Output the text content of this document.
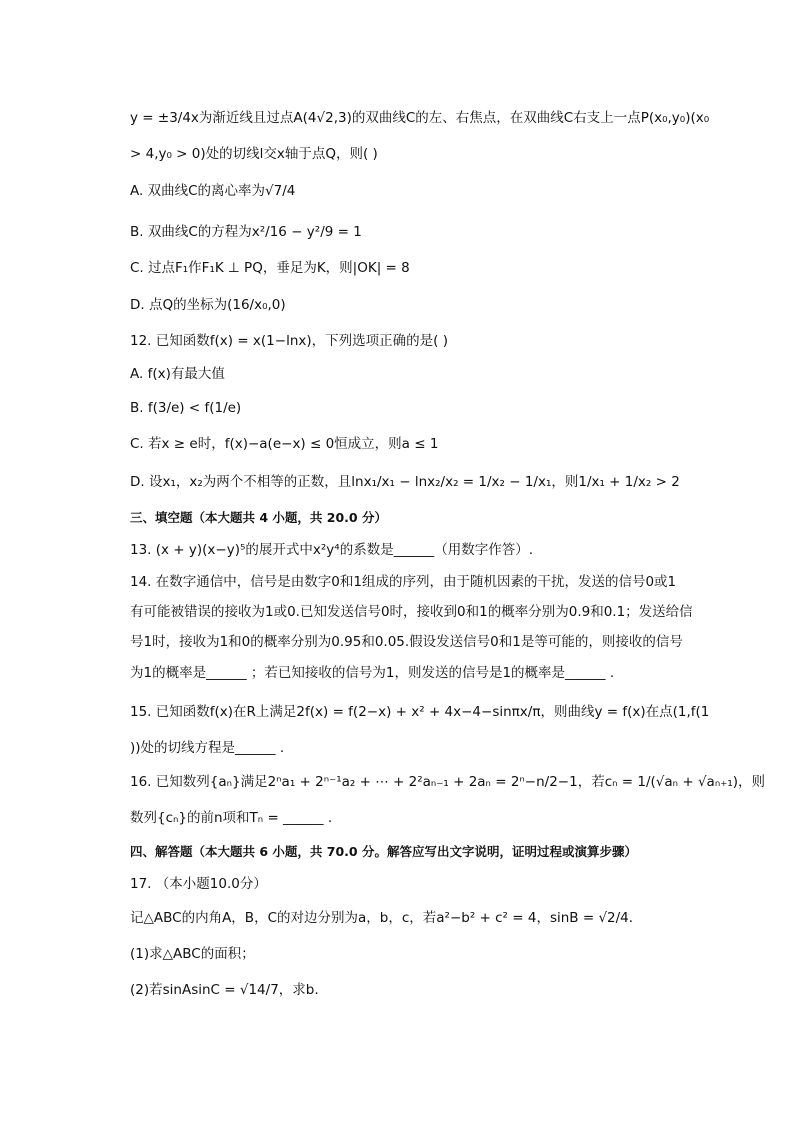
y = ±3/4x为渐近线且过点A(4√2,3)的双曲线C的左、右焦点，在双曲线C右支上一点P(x₀,y₀)(x₀
> 4,y₀ > 0)处的切线l交x轴于点Q，则( )
A. 双曲线C的离心率为√7/4
B. 双曲线C的方程为x²/16 − y²/9 = 1
C. 过点F₁作F₁K ⊥ PQ，垂足为K，则|OK| = 8
D. 点Q的坐标为(16/x₀,0)
12. 已知函数f(x) = x(1−lnx)，下列选项正确的是( )
A. f(x)有最大值
B. f(3/e) < f(1/e)
C. 若x ≥ e时，f(x)−a(e−x) ≤ 0恒成立，则a ≤ 1
D. 设x₁，x₂为两个不相等的正数，且lnx₁/x₁ − lnx₂/x₂ = 1/x₂ − 1/x₁，则1/x₁ + 1/x₂ > 2
三、填空题（本大题共 4 小题，共 20.0 分）
13. (x + y)(x−y)⁵的展开式中x²y⁴的系数是______（用数字作答）.
14. 在数字通信中，信号是由数字0和1组成的序列，由于随机因素的干扰，发送的信号0或1
有可能被错误的接收为1或0.已知发送信号0时，接收到0和1的概率分别为0.9和0.1；发送给信
号1时，接收为1和0的概率分别为0.95和0.05.假设发送信号0和1是等可能的，则接收的信号
为1的概率是______ ；若已知接收的信号为1，则发送的信号是1的概率是______ .
15. 已知函数f(x)在R上满足2f(x) = f(2−x) + x² + 4x−4−sinπx/π，则曲线y = f(x)在点(1,f(1
))处的切线方程是______ .
16. 已知数列{aₙ}满足2ⁿa₁ + 2ⁿ⁻¹a₂ + ⋯ + 2²aₙ₋₁ + 2aₙ = 2ⁿ−n/2−1，若cₙ = 1/(√aₙ + √aₙ₊₁)，则
数列{cₙ}的前n项和Tₙ = ______ .
四、解答题（本大题共 6 小题，共 70.0 分。解答应写出文字说明，证明过程或演算步骤）
17. （本小题10.0分）
记△ABC的内角A，B，C的对边分别为a，b，c，若a²−b² + c² = 4，sinB = √2/4.
(1)求△ABC的面积；
(2)若sinAsinC = √14/7，求b.
